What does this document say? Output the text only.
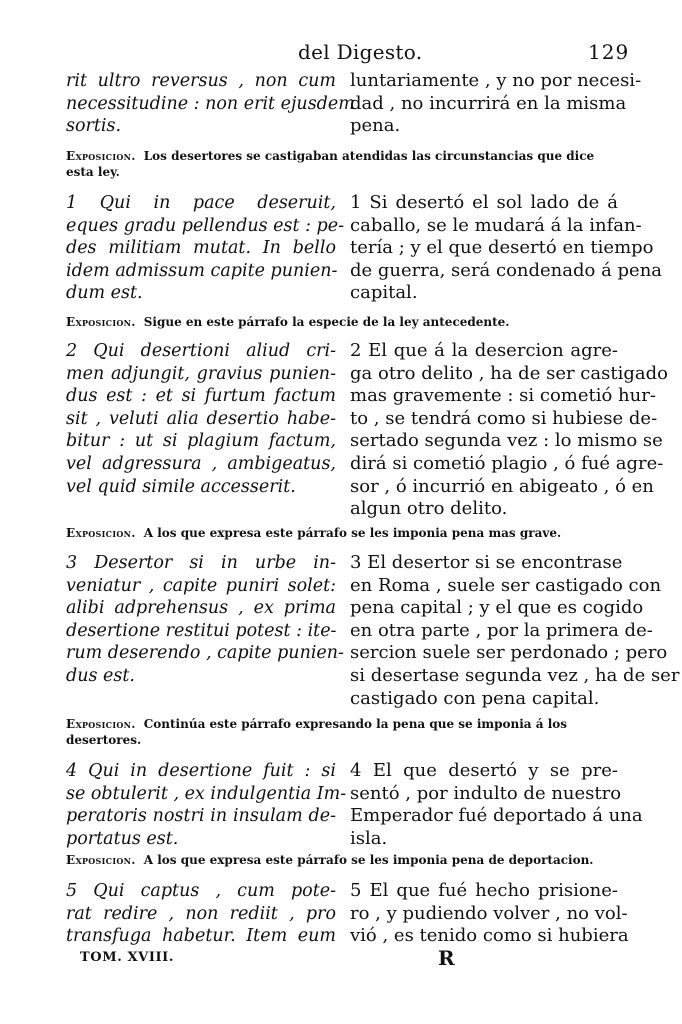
del Digesto.	129
rit ultro reversus , non cum
necessitudine : non erit ejusdem
sortis.
luntariamente , y no por necesi-
dad , no incurrirá en la misma
pena.
Exposicion. Los desertores se castigaban atendidas las circunstancias que dice esta ley.
1 Qui in pace deseruit,
eques gradu pellendus est : pe-
des militiam mutat. In bello
idem admissum capite punien-
dum est.
1 Si desertó el sol lado de á
caballo, se le mudará á la infan-
tería ; y el que desertó en tiempo
de guerra, será condenado á pena
capital.
Exposicion. Sigue en este párrafo la especie de la ley antecedente.
2 Qui desertioni aliud cri-
men adjungit, gravius punien-
dus est : et si furtum factum
sit , veluti alia desertio habe-
bitur : ut si plagium factum,
vel adgressura , ambigeatus,
vel quid simile accesserit.
2 El que á la desercion agre-
ga otro delito , ha de ser castigado
mas gravemente : si cometió hur-
to , se tendrá como si hubiese de-
sertado segunda vez : lo mismo se
dirá si cometió plagio , ó fué agre-
sor , ó incurrió en abigeato , ó en
algun otro delito.
Exposicion. A los que expresa este párrafo se les imponia pena mas grave.
3 Desertor si in urbe in-
veniatur , capite puniri solet:
alibi adprehensus , ex prima
desertione restitui potest : ite-
rum deserendo , capite punien-
dus est.
3 El desertor si se encontrase
en Roma , suele ser castigado con
pena capital ; y el que es cogido
en otra parte , por la primera de-
sercion suele ser perdonado ; pero
si desertase segunda vez , ha de ser
castigado con pena capital.
Exposicion. Continúa este párrafo expresando la pena que se imponia á los desertores.
4 Qui in desertione fuit : si
se obtulerit , ex indulgentia Im-
peratoris nostri in insulam de-
portatus est.
4 El que desertó y se pre-
sentó , por indulto de nuestro
Emperador fué deportado á una
isla.
Exposicion. A los que expresa este párrafo se les imponia pena de deportacion.
5 Qui captus , cum pote-
rat redire , non rediit , pro
transfuga habetur. Item eum
5 El que fué hecho prisione-
ro , y pudiendo volver , no vol-
vió , es tenido como si hubiera
TOM. XVIII.	R
